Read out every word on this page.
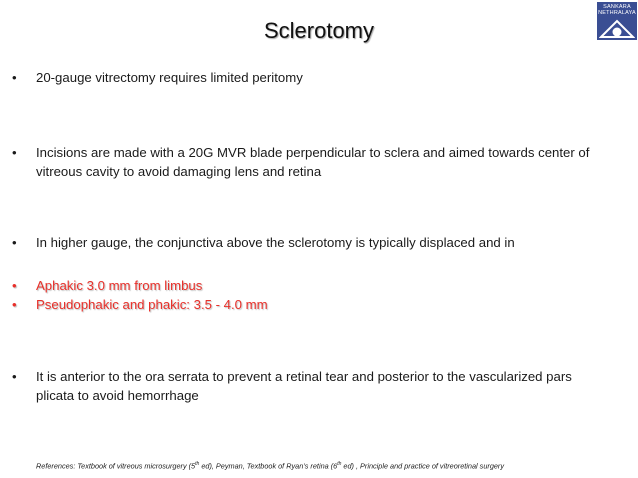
Sclerotomy
SANKARA
NETHRALAYA
•	20-gauge vitrectomy requires limited peritomy
•	Incisions are made with a 20G MVR blade perpendicular to sclera and aimed towards center of vitreous cavity to avoid damaging lens and retina
•	In higher gauge, the conjunctiva above the sclerotomy is typically displaced and in
•	Aphakic 3.0 mm from limbus
•	Pseudophakic and phakic: 3.5 - 4.0 mm
•	It is anterior to the ora serrata to prevent a retinal tear and posterior to the vascularized pars plicata to avoid hemorrhage
References: Textbook of vitreous microsurgery (5th ed), Peyman, Textbook of Ryan’s retina (6th ed) , Principle and practice of vitreoretinal surgery
